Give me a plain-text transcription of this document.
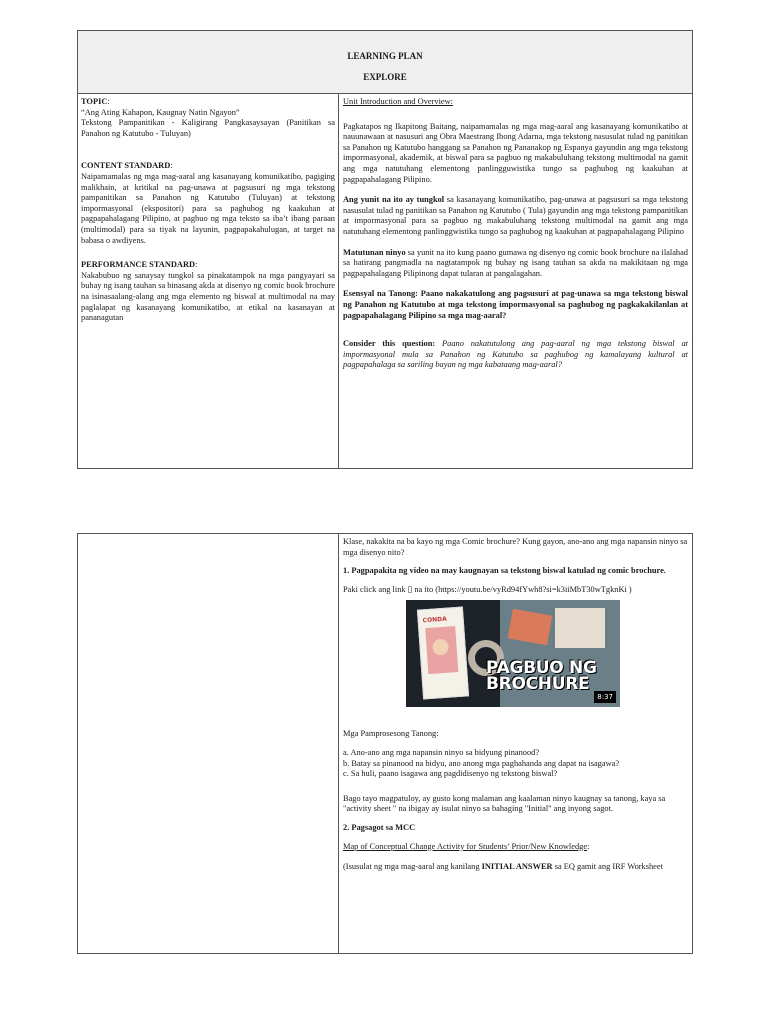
LEARNING PLAN
EXPLORE

TOPIC:

“Ang Ating Kahapon, Kaugnay Natin Ngayon”

Tekstong Pampanitikan - Kaligirang Pangkasaysayan (Panitikan sa Panahon ng Katutubo - Tuluyan)

CONTENT STANDARD:

Naipamamalas ng mga mag-aaral ang kasanayang komunikatibo, pagiging malikhain, at kritikal na pag-unawa at pagsusuri ng mga tekstong pampanitikan sa Panahon ng Katutubo (Tuluyan) at tekstong impormasyonal (ekspositori) para sa paghubog ng kaakuhan at pagpapahalagang Pilipino, at pagbuo ng mga teksto sa iba’t ibang paraan (multimodal) para sa tiyak na layunin, pagpapakahulugan, at target na babasa o awdiyens.

PERFORMANCE STANDARD:

Nakabubuo ng sanaysay tungkol sa pinakatampok na mga pangyayari sa buhay ng isang tauhan sa binasang akda at disenyo ng comic book brochure na isinasaalang-alang ang mga elemento ng biswal at multimodal na may paglalapat ng kasanayang komunikatibo, at etikal na kasanayan at pananagutan

Unit Introduction and Overview:

Pagkatapos ng Ikapitong Baitang, naipamamalas ng mga mag-aaral ang kasanayang komunikatibo at nauunawaan at nasusuri ang Obra Maestrang Ibong Adarna, mga tekstong nasusulat tulad ng panitikan sa Panahon ng Katutubo hanggang sa Panahon ng Pananakop ng Espanya gayundin ang mga tekstong impormasyonal, akademik, at biswal para sa pagbuo ng makabuluhang tekstong multimodal na gamit ang mga natutuhang elementong panlingguwistika tungo sa paghubog ng kaakuhan at pagpapahalagang Pilipino.

Ang yunit na ito ay tungkol sa kasanayang komunikatibo, pag-unawa at pagsusuri sa mga tekstong nasusulat tulad ng panitikan sa Panahon ng Katutubo ( Tula) gayundin ang mga tekstong pampanitikan at impormasyonal para sa pagbuo ng makabuluhang tekstong multimodal na gamit ang mga natutuhang elementong panlinggwistika tungo sa paghubog ng kaakuhan at pagpapahalagang Pilipino

Matutunan ninyo sa yunit na ito kung paano gumawa ng disenyo ng comic book brochure na ilalahad sa hatirang pangmadla na nagtatampok ng buhay ng isang tauhan sa akda na makikitaan ng mga pagpapahalagang Pilipinong dapat tularan at pangalagahan.

Esensyal na Tanong: Paano nakakatulong ang pagsusuri at pag-unawa sa mga tekstong biswal ng Panahon ng Katutubo at mga tekstong impormasyonal sa paghubog ng pagkakakilanlan at pagpapahalagang Pilipino sa mga mag-aaral?

Consider this question: Paano nakatutulong ang pag-aaral ng mga tekstong biswal at impormasyonal mula sa Panahon ng Katutubo sa paghubog ng kamalayang kultural at pagpapahalaga sa sariling bayan ng mga kabataang mag-aaral?

Klase, nakakita na ba kayo ng mga Comic brochure? Kung gayon, ano-ano ang mga napansin ninyo sa mga disenyo nito?

1. Pagpapakita ng video na may kaugnayan sa tekstong biswal katulad ng comic brochure.

Paki click ang link ▯ na ito (https://youtu.be/vyRd94fYwh8?si=k3iiMbT30wTgknKi )

CONDA
PAGBUO NG
BROCHURE
8:37

Mga Pamprosesong Tanong:

a. Ano-ano ang mga napansin ninyo sa bidyung pinanood?

b. Batay sa pinanood na bidyu, ano anong mga paghahanda ang dapat na isagawa?

c. Sa huli, paano isagawa ang pagdidisenyo ng tekstong biswal?

Bago tayo magpatuloy, ay gusto kong malaman ang kaalaman ninyo kaugnay sa tanong, kaya sa "activity sheet " na ibigay ay isulat ninyo sa bahaging "Initial" ang inyong sagot.

2. Pagsagot sa MCC

Map of Conceptual Change Activity for Students’ Prior/New Knowledge:

(Isusulat ng mga mag-aaral ang kanilang INITIAL ANSWER sa EQ gamit ang IRF Worksheet
